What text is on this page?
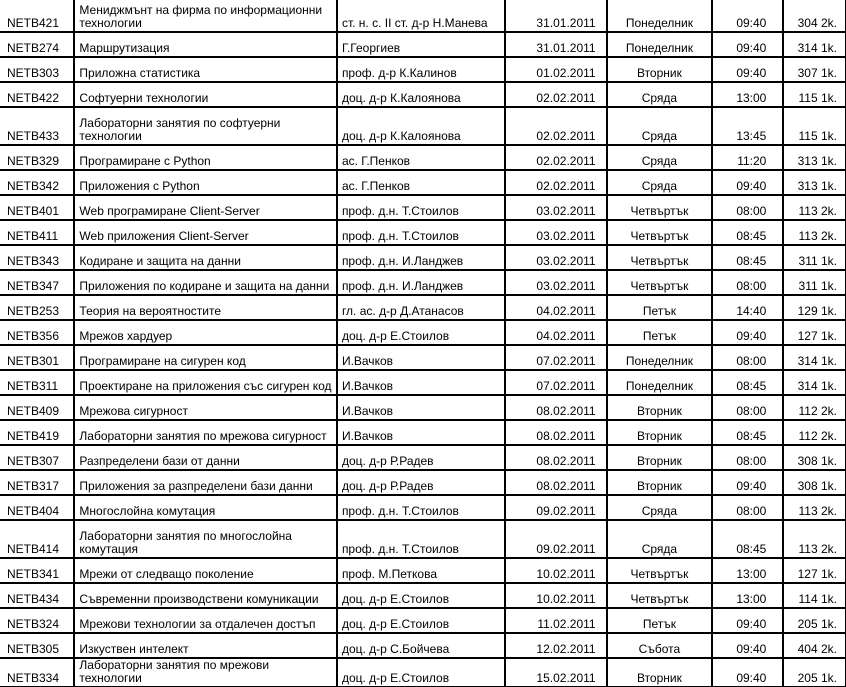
NETB421	Мениджмънт на фирма по информационни технологии	ст. н. с. II ст. д-р Н.Манева	31.01.2011	Понеделник	09:40	304 2k.
NETB274	Маршрутизация	Г.Георгиев	31.01.2011	Понеделник	09:40	314 1k.
NETB303	Приложна статистика	проф. д-р К.Калинов	01.02.2011	Вторник	09:40	307 1k.
NETB422	Софтуерни технологии	доц. д-р К.Калоянова	02.02.2011	Сряда	13:00	115 1k.
NETB433	Лабораторни занятия по софтуерни технологии	доц. д-р К.Калоянова	02.02.2011	Сряда	13:45	115 1k.
NETB329	Програмиране с Python	ас. Г.Пенков	02.02.2011	Сряда	11:20	313 1k.
NETB342	Приложения с Python	ас. Г.Пенков	02.02.2011	Сряда	09:40	313 1k.
NETB401	Web програмиране Client-Server	проф. д.н. Т.Стоилов	03.02.2011	Четвъртък	08:00	113 2k.
NETB411	Web приложения Client-Server	проф. д.н. Т.Стоилов	03.02.2011	Четвъртък	08:45	113 2k.
NETB343	Кодиране и защита на данни	проф. д.н. И.Ланджев	03.02.2011	Четвъртък	08:45	311 1k.
NETB347	Приложения по кодиране и защита на данни	проф. д.н. И.Ланджев	03.02.2011	Четвъртък	08:00	311 1k.
NETB253	Теория на вероятностите	гл. ас. д-р Д.Атанасов	04.02.2011	Петък	14:40	129 1k.
NETB356	Мрежов хардуер	доц. д-р Е.Стоилов	04.02.2011	Петък	09:40	127 1k.
NETB301	Програмиране на сигурен код	И.Вачков	07.02.2011	Понеделник	08:00	314 1k.
NETB311	Проектиране на приложения със сигурен код	И.Вачков	07.02.2011	Понеделник	08:45	314 1k.
NETB409	Мрежова сигурност	И.Вачков	08.02.2011	Вторник	08:00	112 2k.
NETB419	Лабораторни занятия по мрежова сигурност	И.Вачков	08.02.2011	Вторник	08:45	112 2k.
NETB307	Разпределени бази от данни	доц. д-р Р.Радев	08.02.2011	Вторник	08:00	308 1k.
NETB317	Приложения за разпределени бази данни	доц. д-р Р.Радев	08.02.2011	Вторник	09:40	308 1k.
NETB404	Многослойна комутация	проф. д.н. Т.Стоилов	09.02.2011	Сряда	08:00	113 2k.
NETB414	Лабораторни занятия по многослойна комутация	проф. д.н. Т.Стоилов	09.02.2011	Сряда	08:45	113 2k.
NETB341	Мрежи от следващо поколение	проф. М.Петкова	10.02.2011	Четвъртък	13:00	127 1k.
NETB434	Съвременни производствени комуникации	доц. д-р Е.Стоилов	10.02.2011	Четвъртък	13:00	114 1k.
NETB324	Мрежови технологии за отдалечен достъп	доц. д-р Е.Стоилов	11.02.2011	Петък	09:40	205 1k.
NETB305	Изкуствен интелект	доц. д-р С.Бойчева	12.02.2011	Събота	09:40	404 2k.
NETB334	Лабораторни занятия по мрежови технологии	доц. д-р Е.Стоилов	15.02.2011	Вторник	09:40	205 1k.
